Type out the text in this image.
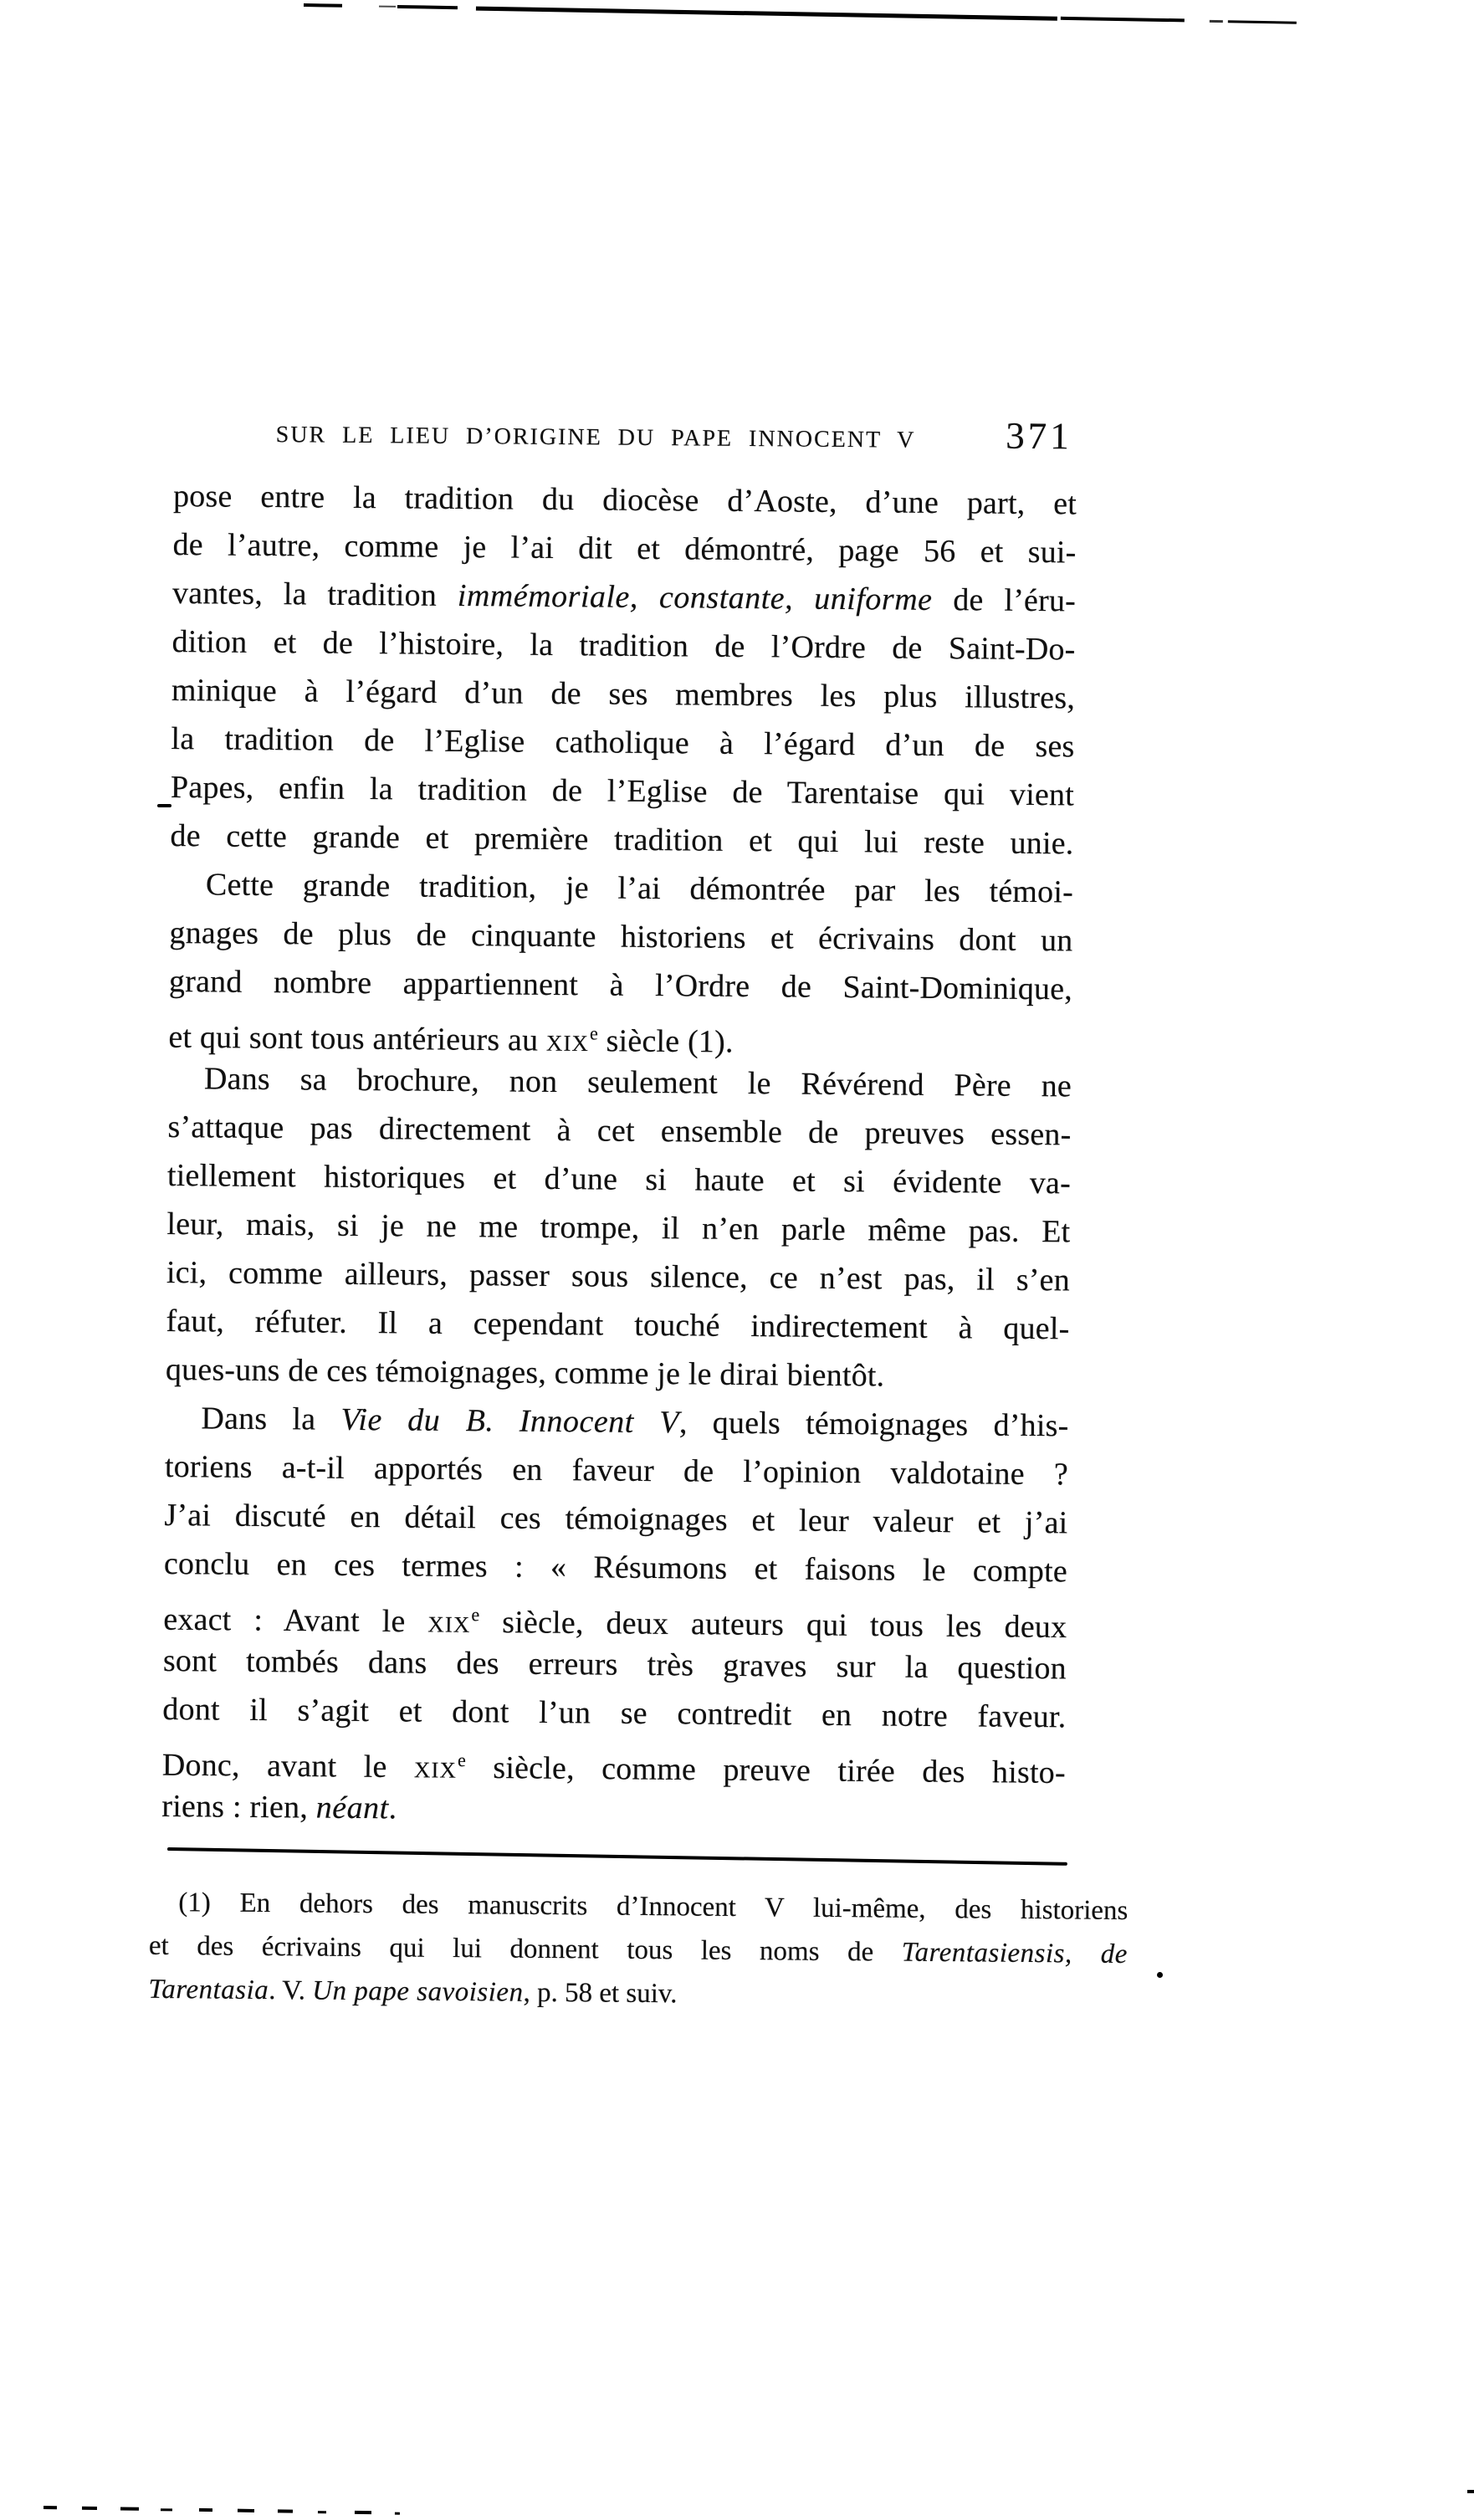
SUR LE LIEU D’ORIGINE DU PAPE INNOCENT V 371
pose entre la tradition du diocèse d’Aoste, d’une part, et
de l’autre, comme je l’ai dit et démontré, page 56 et sui-
vantes, la tradition immémoriale, constante, uniforme de l’éru-
dition et de l’histoire, la tradition de l’Ordre de Saint-Do-
minique à l’égard d’un de ses membres les plus illustres,
la tradition de l’Eglise catholique à l’égard d’un de ses
Papes, enfin la tradition de l’Eglise de Tarentaise qui vient
de cette grande et première tradition et qui lui reste unie.
Cette grande tradition, je l’ai démontrée par les témoi-
gnages de plus de cinquante historiens et écrivains dont un
grand nombre appartiennent à l’Ordre de Saint-Dominique,
et qui sont tous antérieurs au xix$^e$ siècle (1).
Dans sa brochure, non seulement le Révérend Père ne
s’attaque pas directement à cet ensemble de preuves essen-
tiellement historiques et d’une si haute et si évidente va-
leur, mais, si je ne me trompe, il n’en parle même pas. Et
ici, comme ailleurs, passer sous silence, ce n’est pas, il s’en
faut, réfuter. Il a cependant touché indirectement à quel-
ques-uns de ces témoignages, comme je le dirai bientôt.
Dans la Vie du B. Innocent V, quels témoignages d’his-
toriens a-t-il apportés en faveur de l’opinion valdotaine ?
J’ai discuté en détail ces témoignages et leur valeur et j’ai
conclu en ces termes : « Résumons et faisons le compte
exact : Avant le xix$^e$ siècle, deux auteurs qui tous les deux
sont tombés dans des erreurs très graves sur la question
dont il s’agit et dont l’un se contredit en notre faveur.
Donc, avant le xix$^e$ siècle, comme preuve tirée des histo-
riens : rien, néant.
(1) En dehors des manuscrits d’Innocent V lui-même, des historiens
et des écrivains qui lui donnent tous les noms de Tarentasiensis, de
Tarentasia. V. Un pape savoisien, p. 58 et suiv.
